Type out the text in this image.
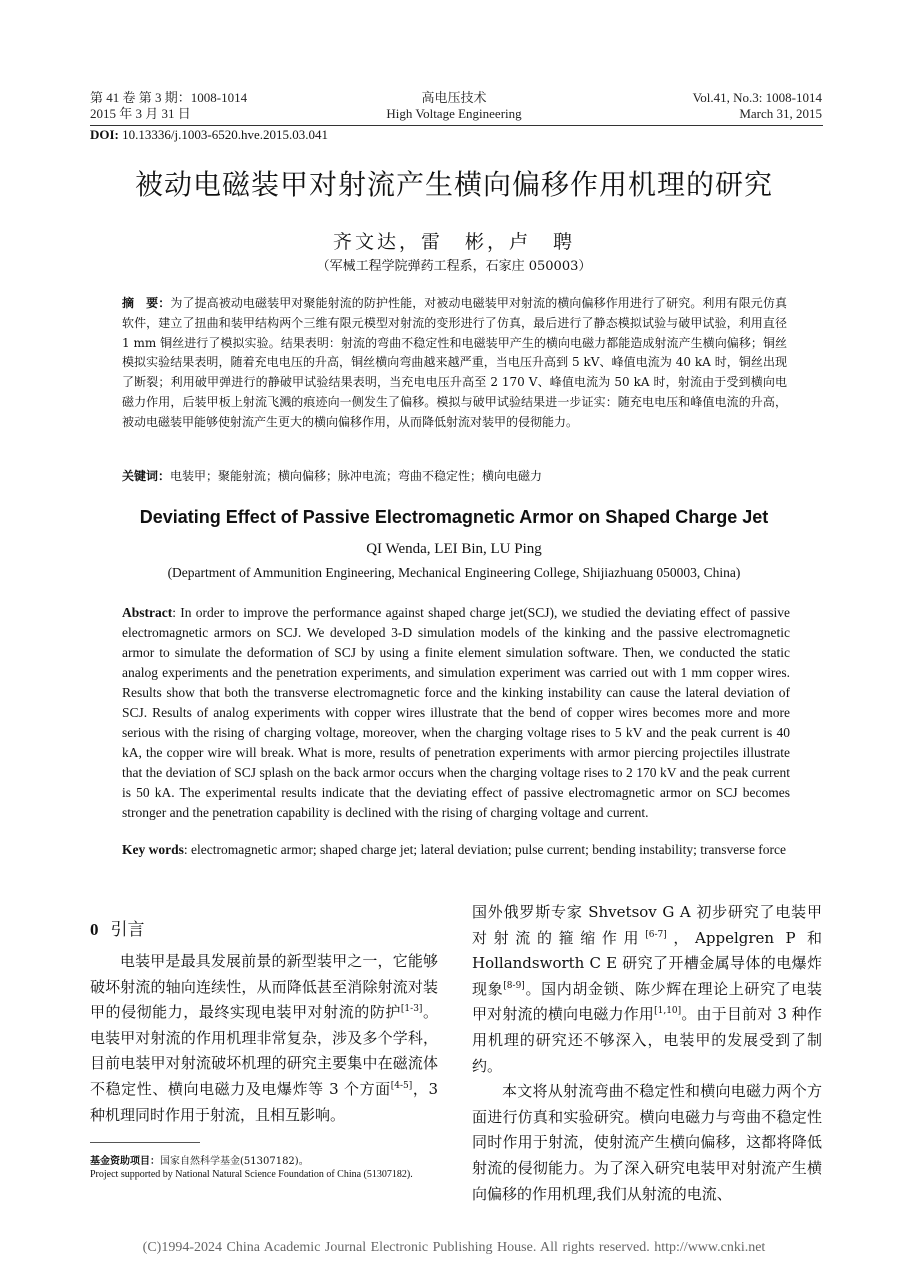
第 41 卷 第 3 期：1008-1014
2015 年 3 月 31 日
高电压技术
High Voltage Engineering
Vol.41, No.3: 1008-1014
March 31, 2015
DOI: 10.13336/j.1003-6520.hve.2015.03.041
被动电磁装甲对射流产生横向偏移作用机理的研究
齐文达，雷　彬，卢　聘
（军械工程学院弹药工程系，石家庄 050003）
摘　要：为了提高被动电磁装甲对聚能射流的防护性能，对被动电磁装甲对射流的横向偏移作用进行了研究。利用有限元仿真软件，建立了扭曲和装甲结构两个三维有限元模型对射流的变形进行了仿真，最后进行了静态模拟试验与破甲试验，利用直径 1 mm 铜丝进行了模拟实验。结果表明：射流的弯曲不稳定性和电磁装甲产生的横向电磁力都能造成射流产生横向偏移；铜丝模拟实验结果表明，随着充电电压的升高，铜丝横向弯曲越来越严重，当电压升高到 5 kV、峰值电流为 40 kA 时，铜丝出现了断裂；利用破甲弹进行的静破甲试验结果表明，当充电电压升高至 2 170 V、峰值电流为 50 kA 时，射流由于受到横向电磁力作用，后装甲板上射流飞溅的痕迹向一侧发生了偏移。模拟与破甲试验结果进一步证实：随充电电压和峰值电流的升高，被动电磁装甲能够使射流产生更大的横向偏移作用，从而降低射流对装甲的侵彻能力。
关键词：电装甲；聚能射流；横向偏移；脉冲电流；弯曲不稳定性；横向电磁力
Deviating Effect of Passive Electromagnetic Armor on Shaped Charge Jet
QI Wenda, LEI Bin, LU Ping
(Department of Ammunition Engineering, Mechanical Engineering College, Shijiazhuang 050003, China)
Abstract: In order to improve the performance against shaped charge jet(SCJ), we studied the deviating effect of passive electromagnetic armors on SCJ. We developed 3-D simulation models of the kinking and the passive electromagnetic armor to simulate the deformation of SCJ by using a finite element simulation software. Then, we conducted the static analog experiments and the penetration experiments, and simulation experiment was carried out with 1 mm copper wires. Results show that both the transverse electromagnetic force and the kinking instability can cause the lateral deviation of SCJ. Results of analog experiments with copper wires illustrate that the bend of copper wires becomes more and more serious with the rising of charging voltage, moreover, when the charging voltage rises to 5 kV and the peak current is 40 kA, the copper wire will break. What is more, results of penetration experiments with armor piercing projectiles illustrate that the deviation of SCJ splash on the back armor occurs when the charging voltage rises to 2 170 kV and the peak current is 50 kA. The experimental results indicate that the deviating effect of passive electromagnetic armor on SCJ becomes stronger and the penetration capability is declined with the rising of charging voltage and current.
Key words: electromagnetic armor; shaped charge jet; lateral deviation; pulse current; bending instability; transverse force
0 引言

电装甲是最具发展前景的新型装甲之一，它能够破坏射流的轴向连续性，从而降低甚至消除射流对装甲的侵彻能力，最终实现电装甲对射流的防护[1-3]。电装甲对射流的作用机理非常复杂，涉及多个学科，目前电装甲对射流破坏机理的研究主要集中在磁流体不稳定性、横向电磁力及电爆炸等 3 个方面[4-5]，3 种机理同时作用于射流，且相互影响。

国外俄罗斯专家 Shvetsov G A 初步研究了电装甲对射流的箍缩作用[6-7]，Appelgren P 和 Hollandsworth C E 研究了开槽金属导体的电爆炸现象[8-9]。国内胡金锁、陈少辉在理论上研究了电装甲对射流的横向电磁力作用[1,10]。由于目前对 3 种作用机理的研究还不够深入，电装甲的发展受到了制约。

本文将从射流弯曲不稳定性和横向电磁力两个方面进行仿真和实验研究。横向电磁力与弯曲不稳定性同时作用于射流，使射流产生横向偏移，这都将降低射流的侵彻能力。为了深入研究电装甲对射流产生横向偏移的作用机理,我们从射流的电流、

基金资助项目：国家自然科学基金(51307182)。
Project supported by National Natural Science Foundation of China (51307182).
(C)1994-2024 China Academic Journal Electronic Publishing House. All rights reserved. http://www.cnki.net
